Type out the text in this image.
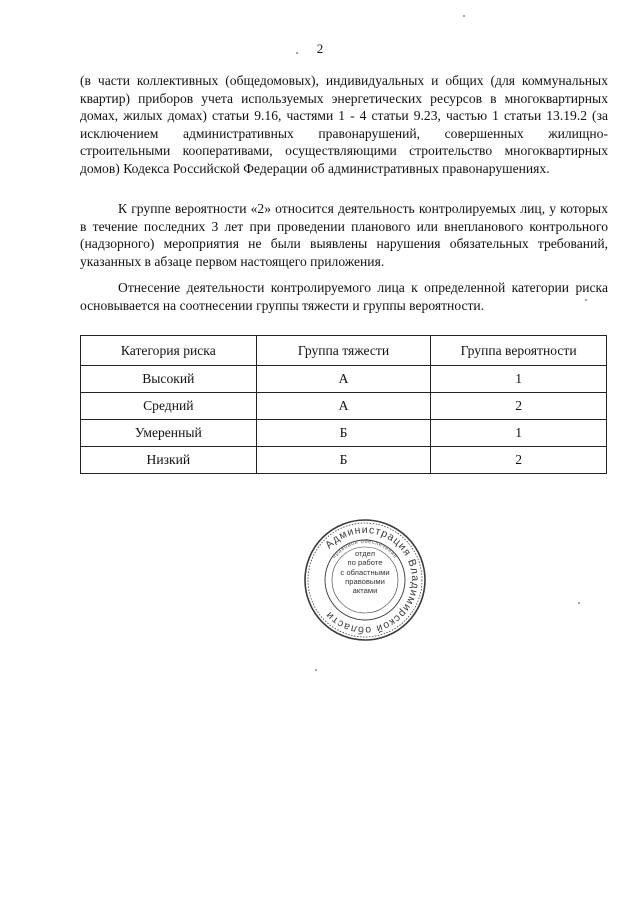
2

(в части коллективных (общедомовых), индивидуальных и общих (для коммунальных квартир) приборов учета используемых энергетических ресурсов в многоквартирных домах, жилых домах) статьи 9.16, частями 1 - 4 статьи 9.23, частью 1 статьи 13.19.2 (за исключением административных правонарушений, совершенных жилищно-строительными кооперативами, осуществляющими строительство многоквартирных домов) Кодекса Российской Федерации об административных правонарушениях.

К группе вероятности «2» относится деятельность контролируемых лиц, у которых в течение последних 3 лет при проведении планового или внепланового контрольного (надзорного) мероприятия не были выявлены нарушения обязательных требований, указанных в абзаце первом настоящего приложения.

Отнесение деятельности контролируемого лица к определенной категории риска основывается на соотнесении группы тяжести и группы вероятности.

Категория риска	Группа тяжести	Группа вероятности
Высокий	А	1
Средний	А	2
Умеренный	Б	1
Низкий	Б	2
Администрация Владимирской области
правовое обеспечение
отдел
по работе
с областными
правовыми
актами
